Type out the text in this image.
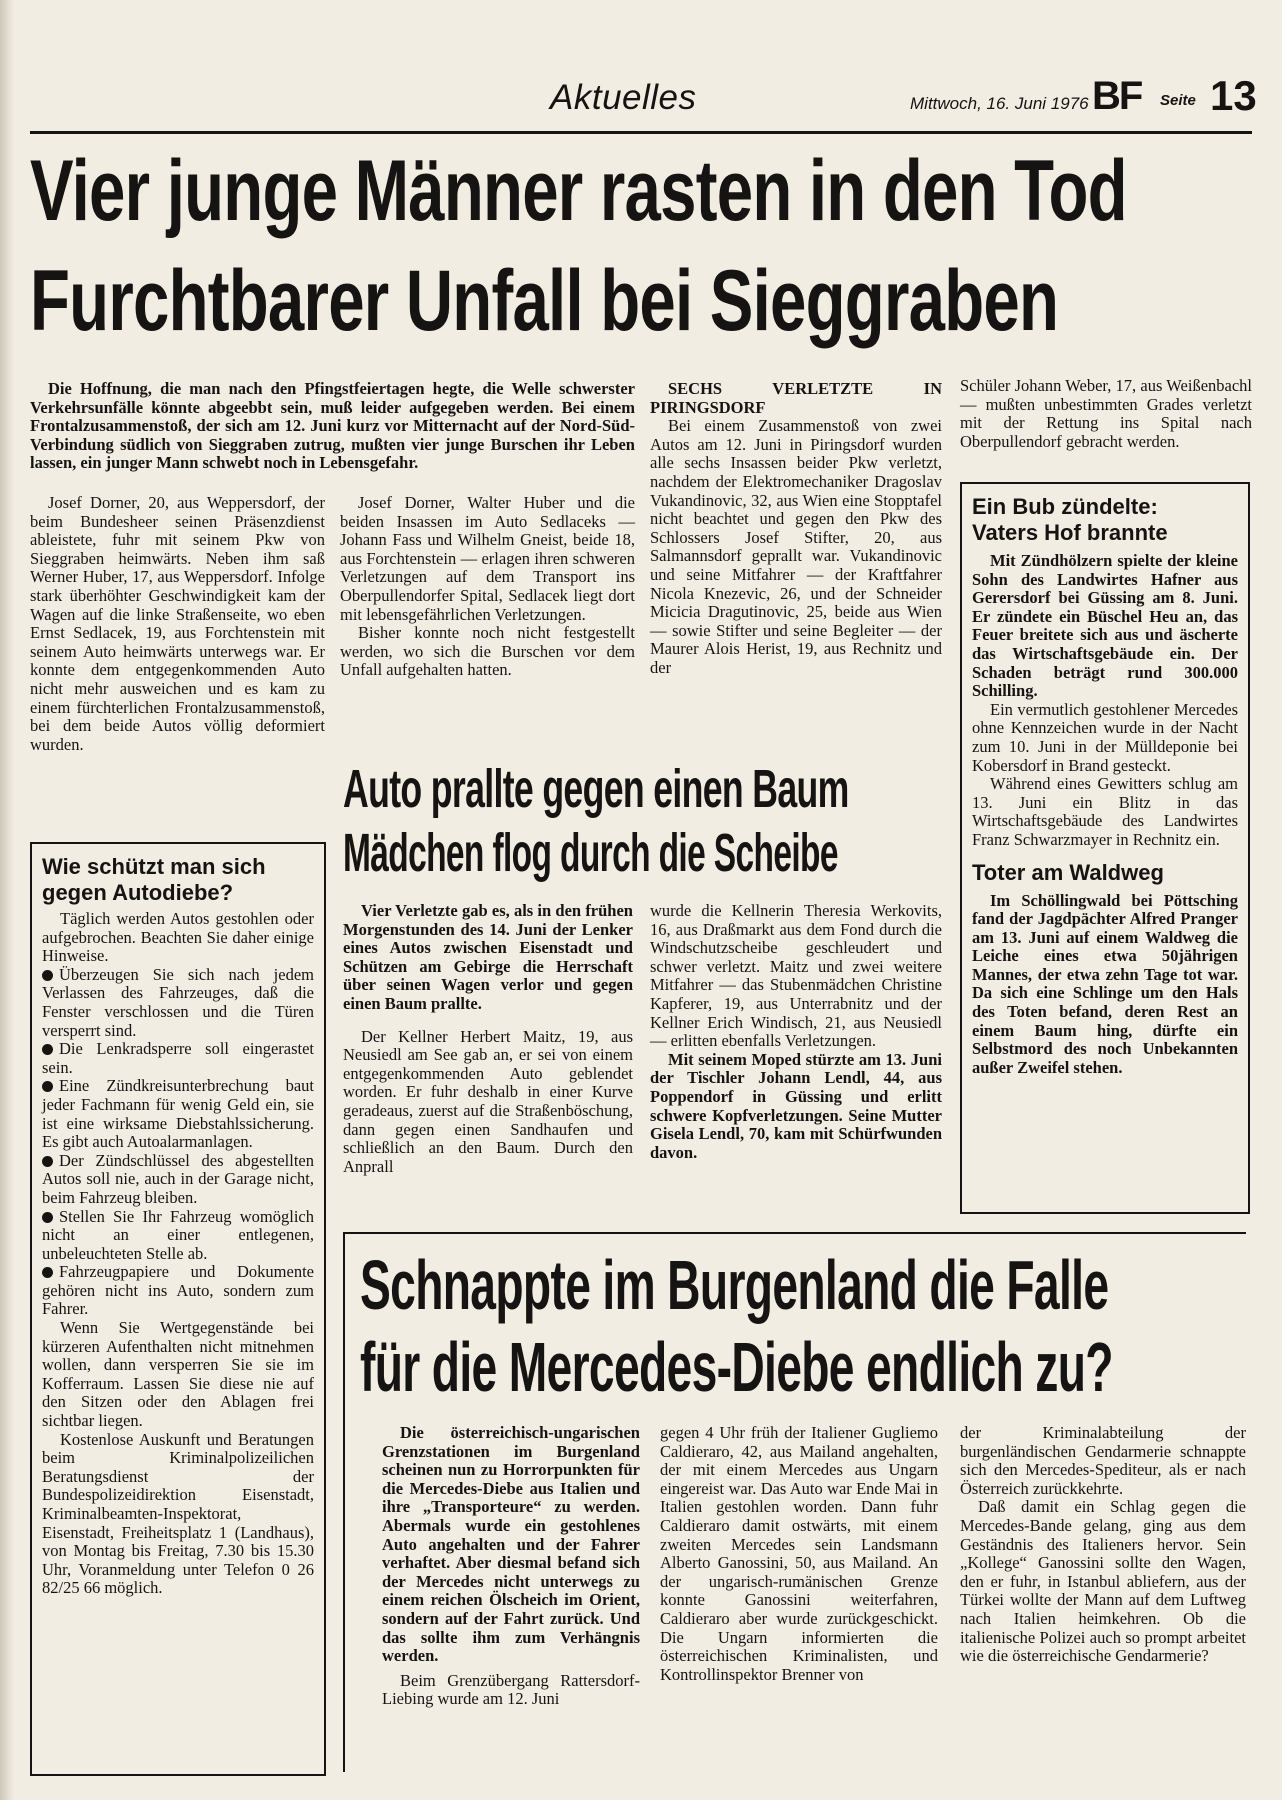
Aktuelles	Mittwoch, 16. Juni 1976 BF Seite 13
Vier junge Männer rasten in den Tod
Furchtbarer Unfall bei Sieggraben

Die Hoffnung, die man nach den Pfingstfeiertagen hegte, die Welle schwerster Verkehrsunfälle könnte abgeebbt sein, muß leider aufgegeben werden. Bei einem Frontalzusammenstoß, der sich am 12. Juni kurz vor Mitternacht auf der Nord-Süd-Verbindung südlich von Sieggraben zutrug, mußten vier junge Burschen ihr Leben lassen, ein junger Mann schwebt noch in Lebensgefahr.

Josef Dorner, 20, aus Weppersdorf, der beim Bundesheer seinen Präsenzdienst ableistete, fuhr mit seinem Pkw von Sieggraben heimwärts. Neben ihm saß Werner Huber, 17, aus Weppersdorf. Infolge stark überhöhter Geschwindigkeit kam der Wagen auf die linke Straßenseite, wo eben Ernst Sedlacek, 19, aus Forchtenstein mit seinem Auto heimwärts unterwegs war. Er konnte dem entgegenkommenden Auto nicht mehr ausweichen und es kam zu einem fürchterlichen Frontalzusammenstoß, bei dem beide Autos völlig deformiert wurden.

Josef Dorner, Walter Huber und die beiden Insassen im Auto Sedlaceks — Johann Fass und Wilhelm Gneist, beide 18, aus Forchtenstein — erlagen ihren schweren Verletzungen auf dem Transport ins Oberpullendorfer Spital, Sedlacek liegt dort mit lebensgefährlichen Verletzungen.

Bisher konnte noch nicht festgestellt werden, wo sich die Burschen vor dem Unfall aufgehalten hatten.

SECHS VERLETZTE IN PIRINGSDORF

Bei einem Zusammenstoß von zwei Autos am 12. Juni in Piringsdorf wurden alle sechs Insassen beider Pkw verletzt, nachdem der Elektromechaniker Dragoslav Vukandinovic, 32, aus Wien eine Stopptafel nicht beachtet und gegen den Pkw des Schlossers Josef Stifter, 20, aus Salmannsdorf geprallt war. Vukandinovic und seine Mitfahrer — der Kraftfahrer Nicola Knezevic, 26, und der Schneider Micicia Dragutinovic, 25, beide aus Wien — sowie Stifter und seine Begleiter — der Maurer Alois Herist, 19, aus Rechnitz und der

Schüler Johann Weber, 17, aus Weißenbachl — mußten unbestimmten Grades verletzt mit der Rettung ins Spital nach Oberpullendorf gebracht werden.

Ein Bub zündelte:
Vaters Hof brannte

Mit Zündhölzern spielte der kleine Sohn des Landwirtes Hafner aus Gerersdorf bei Güssing am 8. Juni. Er zündete ein Büschel Heu an, das Feuer breitete sich aus und äscherte das Wirtschaftsgebäude ein. Der Schaden beträgt rund 300.000 Schilling.

Ein vermutlich gestohlener Mercedes ohne Kennzeichen wurde in der Nacht zum 10. Juni in der Mülldeponie bei Kobersdorf in Brand gesteckt.

Während eines Gewitters schlug am 13. Juni ein Blitz in das Wirtschaftsgebäude des Landwirtes Franz Schwarzmayer in Rechnitz ein.

Toter am Waldweg

Im Schöllingwald bei Pöttsching fand der Jagdpächter Alfred Pranger am 13. Juni auf einem Waldweg die Leiche eines etwa 50jährigen Mannes, der etwa zehn Tage tot war. Da sich eine Schlinge um den Hals des Toten befand, deren Rest an einem Baum hing, dürfte ein Selbstmord des noch Unbekannten außer Zweifel stehen.

Wie schützt man sich
gegen Autodiebe?

Täglich werden Autos gestohlen oder aufgebrochen. Beachten Sie daher einige Hinweise.

Überzeugen Sie sich nach jedem Verlassen des Fahrzeuges, daß die Fenster verschlossen und die Türen versperrt sind.

Die Lenkradsperre soll eingerastet sein.

Eine Zündkreisunterbrechung baut jeder Fachmann für wenig Geld ein, sie ist eine wirksame Diebstahlssicherung. Es gibt auch Autoalarmanlagen.

Der Zündschlüssel des abgestellten Autos soll nie, auch in der Garage nicht, beim Fahrzeug bleiben.

Stellen Sie Ihr Fahrzeug womöglich nicht an einer entlegenen, unbeleuchteten Stelle ab.

Fahrzeugpapiere und Dokumente gehören nicht ins Auto, sondern zum Fahrer.

Wenn Sie Wertgegenstände bei kürzeren Aufenthalten nicht mitnehmen wollen, dann versperren Sie sie im Kofferraum. Lassen Sie diese nie auf den Sitzen oder den Ablagen frei sichtbar liegen.

Kostenlose Auskunft und Beratungen beim Kriminalpolizeilichen Beratungsdienst der Bundespolizeidirektion Eisenstadt, Kriminalbeamten-Inspektorat, Eisenstadt, Freiheitsplatz 1 (Landhaus), von Montag bis Freitag, 7.30 bis 15.30 Uhr, Voranmeldung unter Telefon 0 26 82/25 66 möglich.

Auto prallte gegen einen Baum
Mädchen flog durch die Scheibe

Vier Verletzte gab es, als in den frühen Morgenstunden des 14. Juni der Lenker eines Autos zwischen Eisenstadt und Schützen am Gebirge die Herrschaft über seinen Wagen verlor und gegen einen Baum prallte.

Der Kellner Herbert Maitz, 19, aus Neusiedl am See gab an, er sei von einem entgegenkommenden Auto geblendet worden. Er fuhr deshalb in einer Kurve geradeaus, zuerst auf die Straßenböschung, dann gegen einen Sandhaufen und schließlich an den Baum. Durch den Anprall

wurde die Kellnerin Theresia Werkovits, 16, aus Draßmarkt aus dem Fond durch die Windschutzscheibe geschleudert und schwer verletzt. Maitz und zwei weitere Mitfahrer — das Stubenmädchen Christine Kapferer, 19, aus Unterrabnitz und der Kellner Erich Windisch, 21, aus Neusiedl — erlitten ebenfalls Verletzungen.

Mit seinem Moped stürzte am 13. Juni der Tischler Johann Lendl, 44, aus Poppendorf in Güssing und erlitt schwere Kopfverletzungen. Seine Mutter Gisela Lendl, 70, kam mit Schürfwunden davon.

Schnappte im Burgenland die Falle
für die Mercedes-Diebe endlich zu?

Die österreichisch-ungarischen Grenzstationen im Burgenland scheinen nun zu Horrorpunkten für die Mercedes-Diebe aus Italien und ihre „Transporteure“ zu werden. Abermals wurde ein gestohlenes Auto angehalten und der Fahrer verhaftet. Aber diesmal befand sich der Mercedes nicht unterwegs zu einem reichen Ölscheich im Orient, sondern auf der Fahrt zurück. Und das sollte ihm zum Verhängnis werden.

Beim Grenzübergang Rattersdorf-Liebing wurde am 12. Juni

gegen 4 Uhr früh der Italiener Gugliemo Caldieraro, 42, aus Mailand angehalten, der mit einem Mercedes aus Ungarn eingereist war. Das Auto war Ende Mai in Italien gestohlen worden. Dann fuhr Caldieraro damit ostwärts, mit einem zweiten Mercedes sein Landsmann Alberto Ganossini, 50, aus Mailand. An der ungarisch-rumänischen Grenze konnte Ganossini weiterfahren, Caldieraro aber wurde zurückgeschickt. Die Ungarn informierten die österreichischen Kriminalisten, und Kontrollinspektor Brenner von

der Kriminalabteilung der burgenländischen Gendarmerie schnappte sich den Mercedes-Spediteur, als er nach Österreich zurückkehrte.

Daß damit ein Schlag gegen die Mercedes-Bande gelang, ging aus dem Geständnis des Italieners hervor. Sein „Kollege“ Ganossini sollte den Wagen, den er fuhr, in Istanbul abliefern, aus der Türkei wollte der Mann auf dem Luftweg nach Italien heimkehren. Ob die italienische Polizei auch so prompt arbeitet wie die österreichische Gendarmerie?
